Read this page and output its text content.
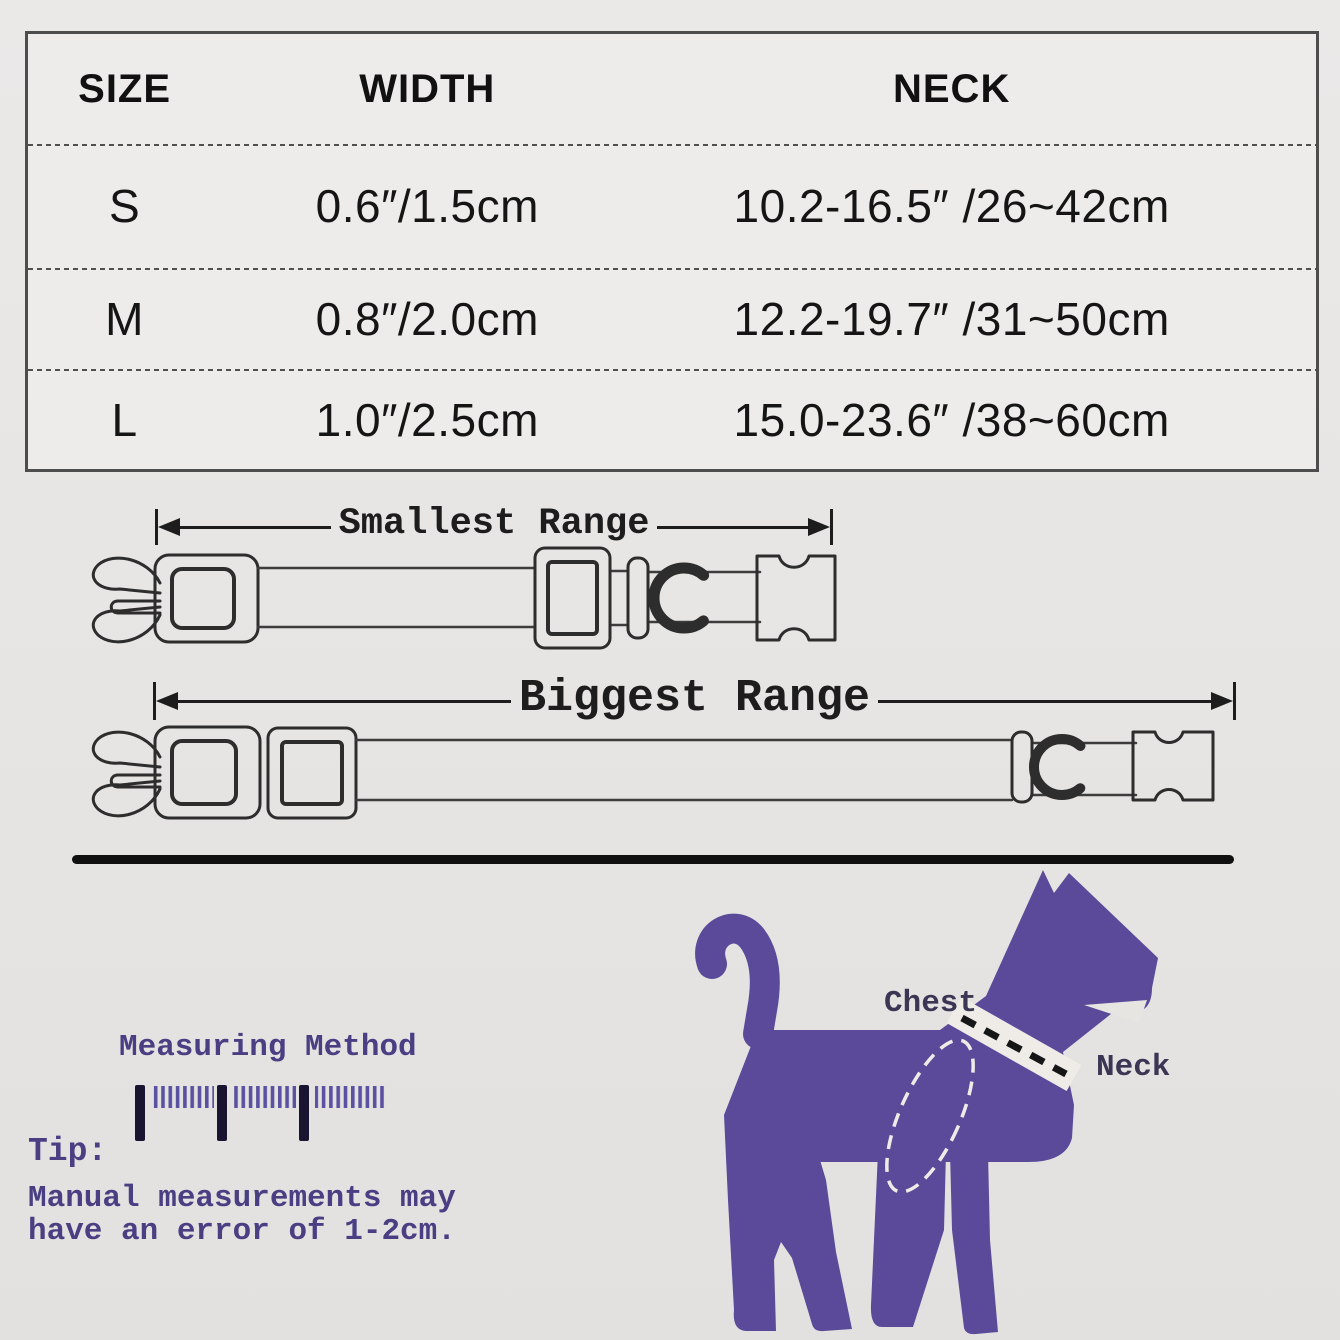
SIZE	WIDTH	NECK
S	0.6″/1.5cm	10.2-16.5″ /26~42cm
M	0.8″/2.0cm	12.2-19.7″ /31~50cm
L	1.0″/2.5cm	15.0-23.6″ /38~60cm
Smallest Range
Biggest Range
Chest
Neck
Measuring Method
Tip:
Manual measurements may
have an error of 1-2cm.
